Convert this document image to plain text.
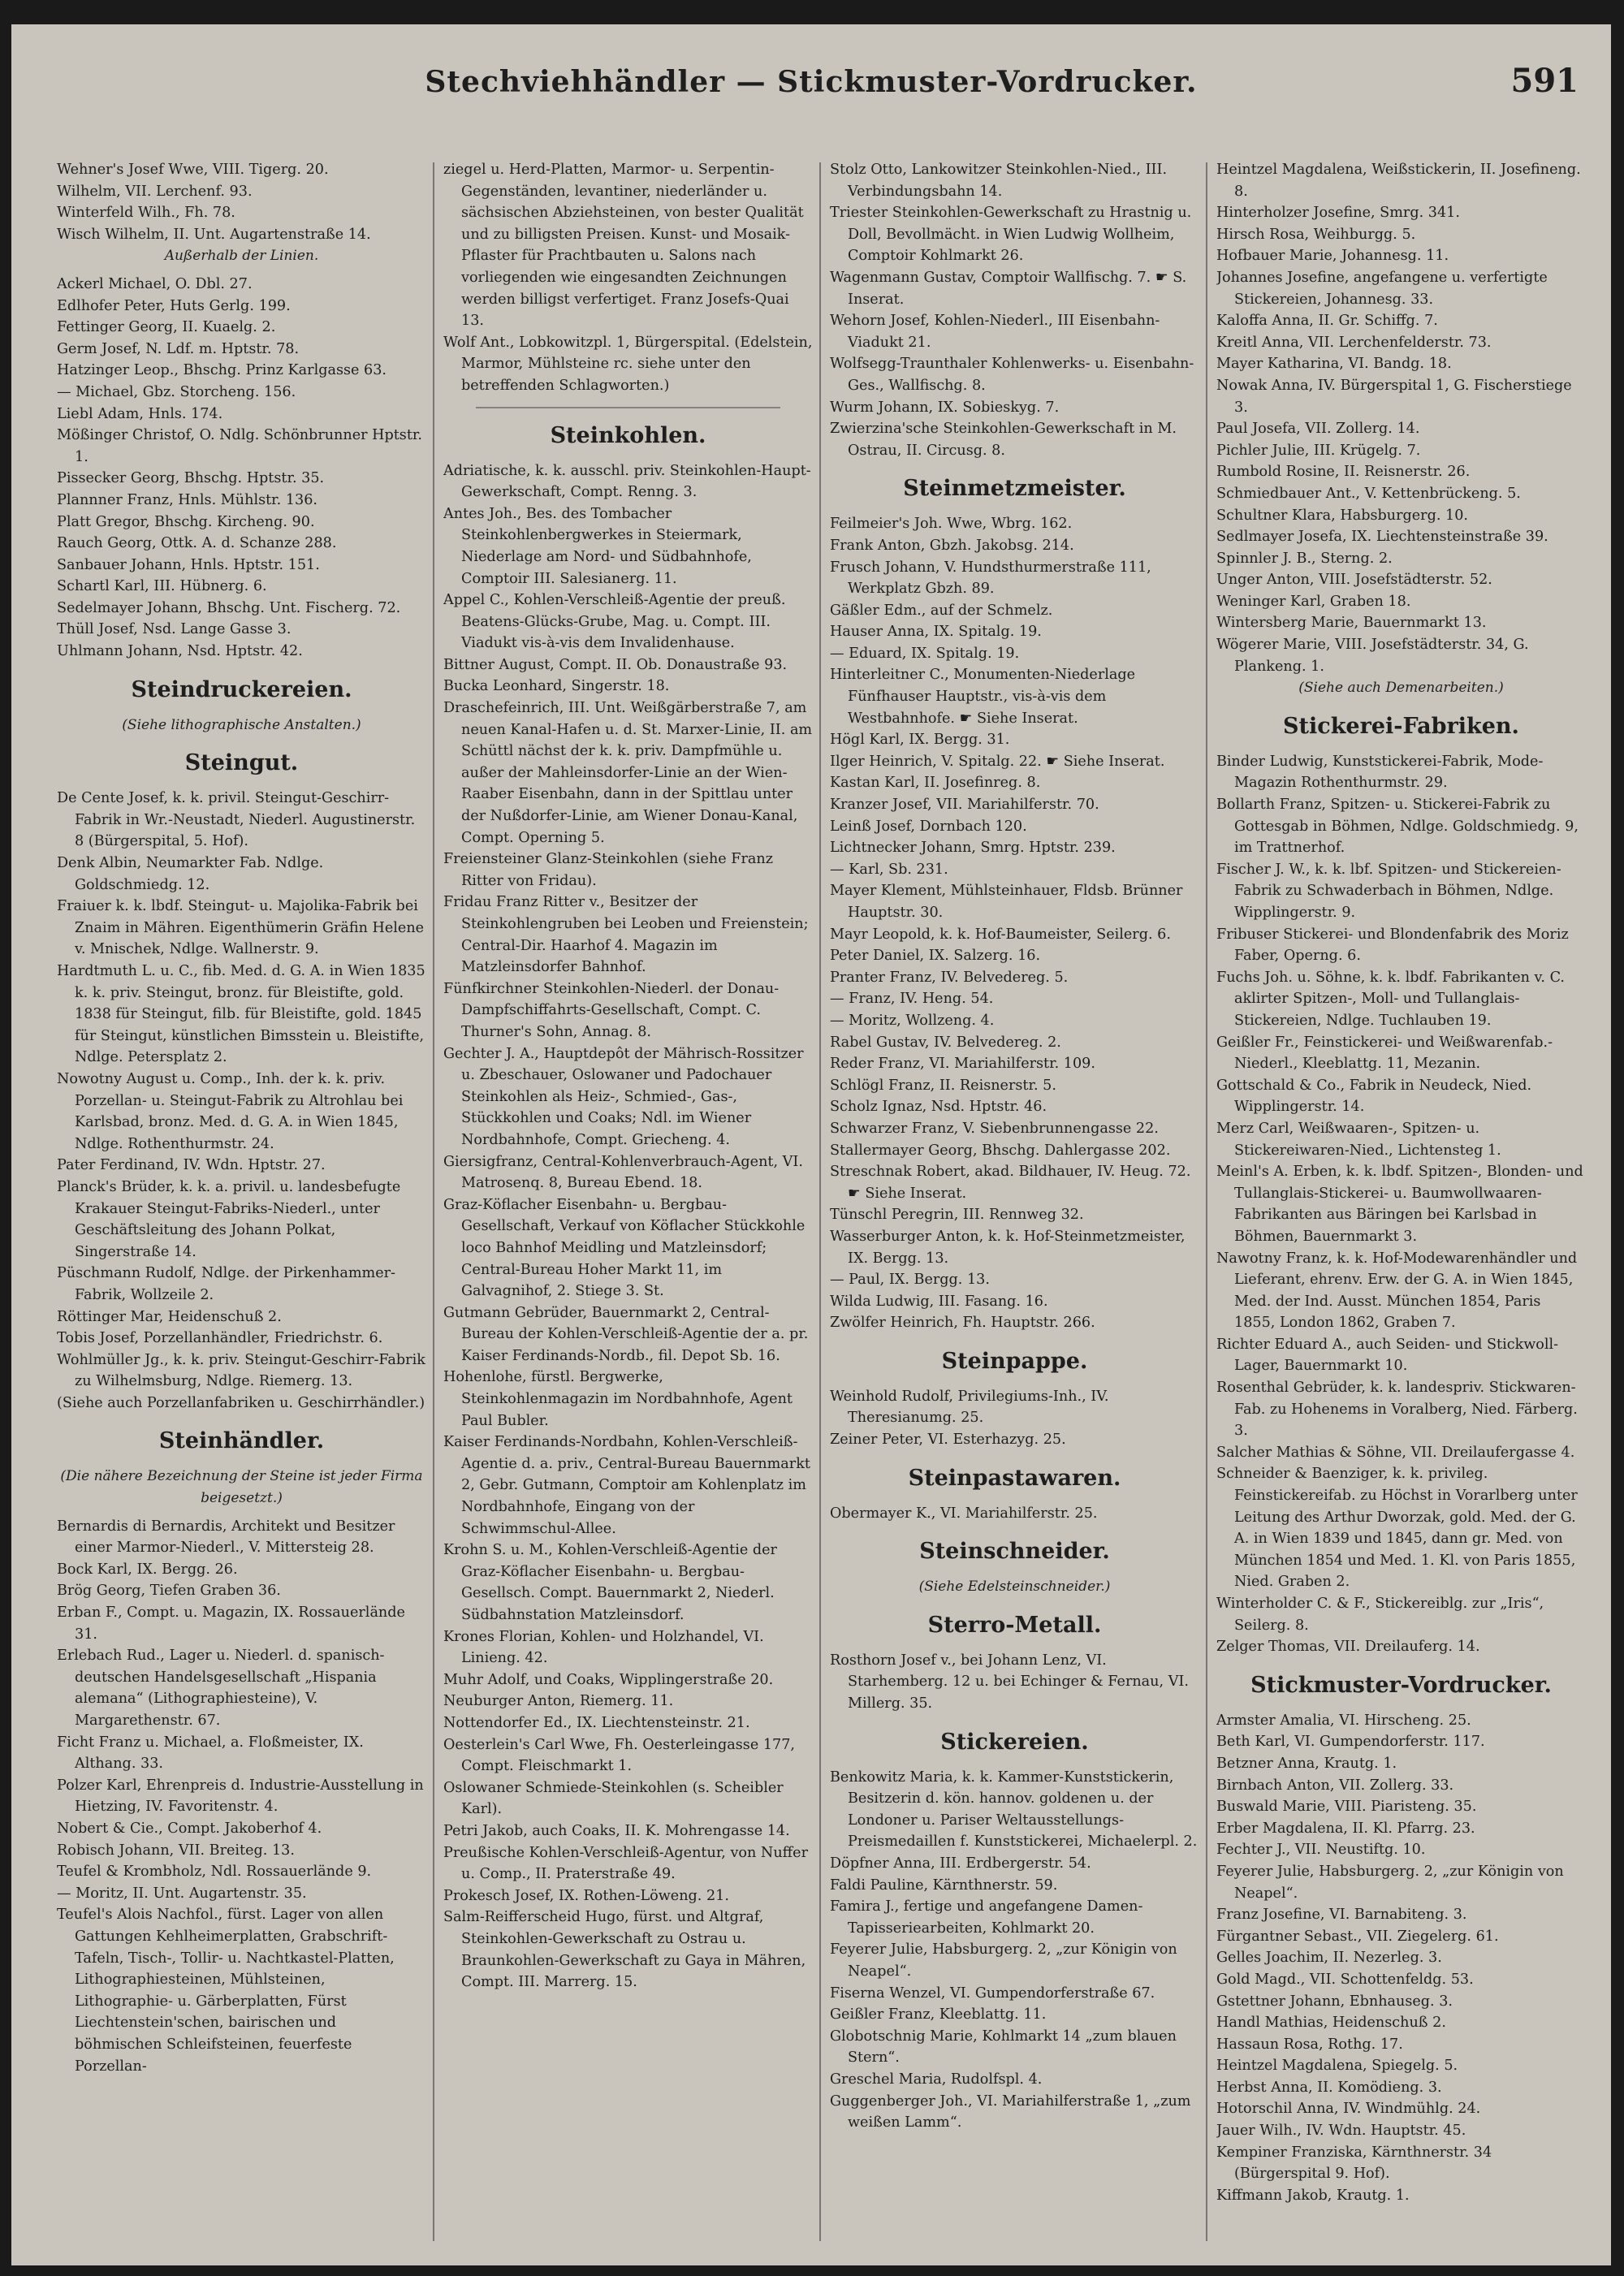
Stechviehhändler — Stickmuster-Vordrucker.	591
Wehner's Josef Wwe, VIII. Tigerg. 20.
Wilhelm, VII. Lerchenf. 93.
Winterfeld Wilh., Fh. 78.
Wisch Wilhelm, II. Unt. Augartenstraße 14.
Außerhalb der Linien.
Ackerl Michael, O. Dbl. 27.
Edlhofer Peter, Huts Gerlg. 199.
Fettinger Georg, II. Kuaelg. 2.
Germ Josef, N. Ldf. m. Hptstr. 78.
Hatzinger Leop., Bhschg. Prinz Karlgasse 63.
— Michael, Gbz. Storcheng. 156.
Liebl Adam, Hnls. 174.
Mößinger Christof, O. Ndlg. Schönbrunner Hptstr. 1.
Pissecker Georg, Bhschg. Hptstr. 35.
Plannner Franz, Hnls. Mühlstr. 136.
Platt Gregor, Bhschg. Kircheng. 90.
Rauch Georg, Ottk. A. d. Schanze 288.
Sanbauer Johann, Hnls. Hptstr. 151.
Schartl Karl, III. Hübnerg. 6.
Sedelmayer Johann, Bhschg. Unt. Fischerg. 72.
Thüll Josef, Nsd. Lange Gasse 3.
Uhlmann Johann, Nsd. Hptstr. 42.
Steindruckereien.
(Siehe lithographische Anstalten.)
Steingut.
De Cente Josef, k. k. privil. Steingut-Geschirr-Fabrik in Wr.-Neustadt, Niederl. Augustinerstr. 8 (Bürgerspital, 5. Hof).
Denk Albin, Neumarkter Fab. Ndlge. Goldschmiedg. 12.
Fraiuer k. k. lbdf. Steingut- u. Majolika-Fabrik bei Znaim in Mähren. Eigenthümerin Gräfin Helene v. Mnischek, Ndlge. Wallnerstr. 9.
Hardtmuth L. u. C., fib. Med. d. G. A. in Wien 1835 k. k. priv. Steingut, bronz. für Bleistifte, gold. 1838 für Steingut, filb. für Bleistifte, gold. 1845 für Steingut, künstlichen Bimsstein u. Bleistifte, Ndlge. Petersplatz 2.
Nowotny August u. Comp., Inh. der k. k. priv. Porzellan- u. Steingut-Fabrik zu Altrohlau bei Karlsbad, bronz. Med. d. G. A. in Wien 1845, Ndlge. Rothenthurmstr. 24.
Pater Ferdinand, IV. Wdn. Hptstr. 27.
Planck's Brüder, k. k. a. privil. u. landesbefugte Krakauer Steingut-Fabriks-Niederl., unter Geschäftsleitung des Johann Polkat, Singerstraße 14.
Püschmann Rudolf, Ndlge. der Pirkenhammer-Fabrik, Wollzeile 2.
Röttinger Mar, Heidenschuß 2.
Tobis Josef, Porzellanhändler, Friedrichstr. 6.
Wohlmüller Jg., k. k. priv. Steingut-Geschirr-Fabrik zu Wilhelmsburg, Ndlge. Riemerg. 13.
(Siehe auch Porzellanfabriken u. Geschirrhändler.)
Steinhändler.
(Die nähere Bezeichnung der Steine ist jeder Firma beigesetzt.)
Bernardis di Bernardis, Architekt und Besitzer einer Marmor-Niederl., V. Mittersteig 28.
Bock Karl, IX. Bergg. 26.
Brög Georg, Tiefen Graben 36.
Erban F., Compt. u. Magazin, IX. Rossauerlände 31.
Erlebach Rud., Lager u. Niederl. d. spanisch-deutschen Handelsgesellschaft „Hispania alemana“ (Lithographiesteine), V. Margarethenstr. 67.
Ficht Franz u. Michael, a. Floßmeister, IX. Althang. 33.
Polzer Karl, Ehrenpreis d. Industrie-Ausstellung in Hietzing, IV. Favoritenstr. 4.
Nobert & Cie., Compt. Jakoberhof 4.
Robisch Johann, VII. Breiteg. 13.
Teufel & Krombholz, Ndl. Rossauerlände 9.
— Moritz, II. Unt. Augartenstr. 35.
Teufel's Alois Nachfol., fürst. Lager von allen Gattungen Kehlheimerplatten, Grabschrift-Tafeln, Tisch-, Tollir- u. Nachtkastel-Platten, Lithographiesteinen, Mühlsteinen, Lithographie- u. Gärberplatten, Fürst Liechtenstein'schen, bairischen und böhmischen Schleifsteinen, feuerfeste Porzellan-
ziegel u. Herd-Platten, Marmor- u. Serpentin-Gegenständen, levantiner, niederländer u. sächsischen Abziehsteinen, von bester Qualität und zu billigsten Preisen. Kunst- und Mosaik-Pflaster für Prachtbauten u. Salons nach vorliegenden wie eingesandten Zeichnungen werden billigst verfertiget. Franz Josefs-Quai 13.
Wolf Ant., Lobkowitzpl. 1, Bürgerspital. (Edelstein, Marmor, Mühlsteine rc. siehe unter den betreffenden Schlagworten.)
Steinkohlen.
Adriatische, k. k. ausschl. priv. Steinkohlen-Haupt-Gewerkschaft, Compt. Renng. 3.
Antes Joh., Bes. des Tombacher Steinkohlenbergwerkes in Steiermark, Niederlage am Nord- und Südbahnhofe, Comptoir III. Salesianerg. 11.
Appel C., Kohlen-Verschleiß-Agentie der preuß. Beatens-Glücks-Grube, Mag. u. Compt. III. Viadukt vis-à-vis dem Invalidenhause.
Bittner August, Compt. II. Ob. Donaustraße 93.
Bucka Leonhard, Singerstr. 18.
Draschefeinrich, III. Unt. Weißgärberstraße 7, am neuen Kanal-Hafen u. d. St. Marxer-Linie, II. am Schüttl nächst der k. k. priv. Dampfmühle u. außer der Mahleinsdorfer-Linie an der Wien-Raaber Eisenbahn, dann in der Spittlau unter der Nußdorfer-Linie, am Wiener Donau-Kanal, Compt. Operning 5.
Freiensteiner Glanz-Steinkohlen (siehe Franz Ritter von Fridau).
Fridau Franz Ritter v., Besitzer der Steinkohlengruben bei Leoben und Freienstein; Central-Dir. Haarhof 4. Magazin im Matzleinsdorfer Bahnhof.
Fünfkirchner Steinkohlen-Niederl. der Donau-Dampfschiffahrts-Gesellschaft, Compt. C. Thurner's Sohn, Annag. 8.
Gechter J. A., Hauptdepôt der Mährisch-Rossitzer u. Zbeschauer, Oslowaner und Padochauer Steinkohlen als Heiz-, Schmied-, Gas-, Stückkohlen und Coaks; Ndl. im Wiener Nordbahnhofe, Compt. Griecheng. 4.
Giersigfranz, Central-Kohlenverbrauch-Agent, VI. Matrosenq. 8, Bureau Ebend. 18.
Graz-Köflacher Eisenbahn- u. Bergbau-Gesellschaft, Verkauf von Köflacher Stückkohle loco Bahnhof Meidling und Matzleinsdorf; Central-Bureau Hoher Markt 11, im Galvagnihof, 2. Stiege 3. St.
Gutmann Gebrüder, Bauernmarkt 2, Central-Bureau der Kohlen-Verschleiß-Agentie der a. pr. Kaiser Ferdinands-Nordb., fil. Depot Sb. 16.
Hohenlohe, fürstl. Bergwerke, Steinkohlenmagazin im Nordbahnhofe, Agent Paul Bubler.
Kaiser Ferdinands-Nordbahn, Kohlen-Verschleiß-Agentie d. a. priv., Central-Bureau Bauernmarkt 2, Gebr. Gutmann, Comptoir am Kohlenplatz im Nordbahnhofe, Eingang von der Schwimmschul-Allee.
Krohn S. u. M., Kohlen-Verschleiß-Agentie der Graz-Köflacher Eisenbahn- u. Bergbau-Gesellsch. Compt. Bauernmarkt 2, Niederl. Südbahnstation Matzleinsdorf.
Krones Florian, Kohlen- und Holzhandel, VI. Linieng. 42.
Muhr Adolf, und Coaks, Wipplingerstraße 20.
Neuburger Anton, Riemerg. 11.
Nottendorfer Ed., IX. Liechtensteinstr. 21.
Oesterlein's Carl Wwe, Fh. Oesterleingasse 177, Compt. Fleischmarkt 1.
Oslowaner Schmiede-Steinkohlen (s. Scheibler Karl).
Petri Jakob, auch Coaks, II. K. Mohrengasse 14.
Preußische Kohlen-Verschleiß-Agentur, von Nuffer u. Comp., II. Praterstraße 49.
Prokesch Josef, IX. Rothen-Löweng. 21.
Salm-Reifferscheid Hugo, fürst. und Altgraf, Steinkohlen-Gewerkschaft zu Ostrau u. Braunkohlen-Gewerkschaft zu Gaya in Mähren, Compt. III. Marrerg. 15.
Stolz Otto, Lankowitzer Steinkohlen-Nied., III. Verbindungsbahn 14.
Triester Steinkohlen-Gewerkschaft zu Hrastnig u. Doll, Bevollmächt. in Wien Ludwig Wollheim, Comptoir Kohlmarkt 26.
Wagenmann Gustav, Comptoir Wallfischg. 7. ☛ S. Inserat.
Wehorn Josef, Kohlen-Niederl., III Eisenbahn-Viadukt 21.
Wolfsegg-Traunthaler Kohlenwerks- u. Eisenbahn-Ges., Wallfischg. 8.
Wurm Johann, IX. Sobieskyg. 7.
Zwierzina'sche Steinkohlen-Gewerkschaft in M. Ostrau, II. Circusg. 8.
Steinmetzmeister.
Feilmeier's Joh. Wwe, Wbrg. 162.
Frank Anton, Gbzh. Jakobsg. 214.
Frusch Johann, V. Hundsthurmerstraße 111, Werkplatz Gbzh. 89.
Gäßler Edm., auf der Schmelz.
Hauser Anna, IX. Spitalg. 19.
— Eduard, IX. Spitalg. 19.
Hinterleitner C., Monumenten-Niederlage Fünfhauser Hauptstr., vis-à-vis dem Westbahnhofe. ☛ Siehe Inserat.
Högl Karl, IX. Bergg. 31.
Ilger Heinrich, V. Spitalg. 22. ☛ Siehe Inserat.
Kastan Karl, II. Josefinreg. 8.
Kranzer Josef, VII. Mariahilferstr. 70.
Leinß Josef, Dornbach 120.
Lichtnecker Johann, Smrg. Hptstr. 239.
— Karl, Sb. 231.
Mayer Klement, Mühlsteinhauer, Fldsb. Brünner Hauptstr. 30.
Mayr Leopold, k. k. Hof-Baumeister, Seilerg. 6.
Peter Daniel, IX. Salzerg. 16.
Pranter Franz, IV. Belvedereg. 5.
— Franz, IV. Heng. 54.
— Moritz, Wollzeng. 4.
Rabel Gustav, IV. Belvedereg. 2.
Reder Franz, VI. Mariahilferstr. 109.
Schlögl Franz, II. Reisnerstr. 5.
Scholz Ignaz, Nsd. Hptstr. 46.
Schwarzer Franz, V. Siebenbrunnengasse 22.
Stallermayer Georg, Bhschg. Dahlergasse 202.
Streschnak Robert, akad. Bildhauer, IV. Heug. 72. ☛ Siehe Inserat.
Tünschl Peregrin, III. Rennweg 32.
Wasserburger Anton, k. k. Hof-Steinmetzmeister, IX. Bergg. 13.
— Paul, IX. Bergg. 13.
Wilda Ludwig, III. Fasang. 16.
Zwölfer Heinrich, Fh. Hauptstr. 266.
Steinpappe.
Weinhold Rudolf, Privilegiums-Inh., IV. Theresianumg. 25.
Zeiner Peter, VI. Esterhazyg. 25.
Steinpastawaren.
Obermayer K., VI. Mariahilferstr. 25.
Steinschneider.
(Siehe Edelsteinschneider.)
Sterro-Metall.
Rosthorn Josef v., bei Johann Lenz, VI. Starhemberg. 12 u. bei Echinger & Fernau, VI. Millerg. 35.
Stickereien.
Benkowitz Maria, k. k. Kammer-Kunststickerin, Besitzerin d. kön. hannov. goldenen u. der Londoner u. Pariser Weltausstellungs-Preismedaillen f. Kunststickerei, Michaelerpl. 2.
Döpfner Anna, III. Erdbergerstr. 54.
Faldi Pauline, Kärnthnerstr. 59.
Famira J., fertige und angefangene Damen-Tapisseriearbeiten, Kohlmarkt 20.
Feyerer Julie, Habsburgerg. 2, „zur Königin von Neapel“.
Fiserna Wenzel, VI. Gumpendorferstraße 67.
Geißler Franz, Kleeblattg. 11.
Globotschnig Marie, Kohlmarkt 14 „zum blauen Stern“.
Greschel Maria, Rudolfspl. 4.
Guggenberger Joh., VI. Mariahilferstraße 1, „zum weißen Lamm“.
Heintzel Magdalena, Weißstickerin, II. Josefineng. 8.
Hinterholzer Josefine, Smrg. 341.
Hirsch Rosa, Weihburgg. 5.
Hofbauer Marie, Johannesg. 11.
Johannes Josefine, angefangene u. verfertigte Stickereien, Johannesg. 33.
Kaloffa Anna, II. Gr. Schiffg. 7.
Kreitl Anna, VII. Lerchenfelderstr. 73.
Mayer Katharina, VI. Bandg. 18.
Nowak Anna, IV. Bürgerspital 1, G. Fischerstiege 3.
Paul Josefa, VII. Zollerg. 14.
Pichler Julie, III. Krügelg. 7.
Rumbold Rosine, II. Reisnerstr. 26.
Schmiedbauer Ant., V. Kettenbrückeng. 5.
Schultner Klara, Habsburgerg. 10.
Sedlmayer Josefa, IX. Liechtensteinstraße 39.
Spinnler J. B., Sterng. 2.
Unger Anton, VIII. Josefstädterstr. 52.
Weninger Karl, Graben 18.
Wintersberg Marie, Bauernmarkt 13.
Wögerer Marie, VIII. Josefstädterstr. 34, G. Plankeng. 1.
(Siehe auch Demenarbeiten.)
Stickerei-Fabriken.
Binder Ludwig, Kunststickerei-Fabrik, Mode-Magazin Rothenthurmstr. 29.
Bollarth Franz, Spitzen- u. Stickerei-Fabrik zu Gottesgab in Böhmen, Ndlge. Goldschmiedg. 9, im Trattnerhof.
Fischer J. W., k. k. lbf. Spitzen- und Stickereien-Fabrik zu Schwaderbach in Böhmen, Ndlge. Wipplingerstr. 9.
Fribuser Stickerei- und Blondenfabrik des Moriz Faber, Operng. 6.
Fuchs Joh. u. Söhne, k. k. lbdf. Fabrikanten v. C. aklirter Spitzen-, Moll- und Tullanglais-Stickereien, Ndlge. Tuchlauben 19.
Geißler Fr., Feinstickerei- und Weißwarenfab.-Niederl., Kleeblattg. 11, Mezanin.
Gottschald & Co., Fabrik in Neudeck, Nied. Wipplingerstr. 14.
Merz Carl, Weißwaaren-, Spitzen- u. Stickereiwaren-Nied., Lichtensteg 1.
Meinl's A. Erben, k. k. lbdf. Spitzen-, Blonden- und Tullanglais-Stickerei- u. Baumwollwaaren-Fabrikanten aus Bäringen bei Karlsbad in Böhmen, Bauernmarkt 3.
Nawotny Franz, k. k. Hof-Modewarenhändler und Lieferant, ehrenv. Erw. der G. A. in Wien 1845, Med. der Ind. Ausst. München 1854, Paris 1855, London 1862, Graben 7.
Richter Eduard A., auch Seiden- und Stickwoll-Lager, Bauernmarkt 10.
Rosenthal Gebrüder, k. k. landespriv. Stickwaren-Fab. zu Hohenems in Voralberg, Nied. Färberg. 3.
Salcher Mathias & Söhne, VII. Dreilaufergasse 4.
Schneider & Baenziger, k. k. privileg. Feinstickereifab. zu Höchst in Vorarlberg unter Leitung des Arthur Dworzak, gold. Med. der G. A. in Wien 1839 und 1845, dann gr. Med. von München 1854 und Med. 1. Kl. von Paris 1855, Nied. Graben 2.
Winterholder C. & F., Stickereiblg. zur „Iris“, Seilerg. 8.
Zelger Thomas, VII. Dreilauferg. 14.
Stickmuster-Vordrucker.
Armster Amalia, VI. Hirscheng. 25.
Beth Karl, VI. Gumpendorferstr. 117.
Betzner Anna, Krautg. 1.
Birnbach Anton, VII. Zollerg. 33.
Buswald Marie, VIII. Piaristeng. 35.
Erber Magdalena, II. Kl. Pfarrg. 23.
Fechter J., VII. Neustiftg. 10.
Feyerer Julie, Habsburgerg. 2, „zur Königin von Neapel“.
Franz Josefine, VI. Barnabiteng. 3.
Fürgantner Sebast., VII. Ziegelerg. 61.
Gelles Joachim, II. Nezerleg. 3.
Gold Magd., VII. Schottenfeldg. 53.
Gstettner Johann, Ebnhauseg. 3.
Handl Mathias, Heidenschuß 2.
Hassaun Rosa, Rothg. 17.
Heintzel Magdalena, Spiegelg. 5.
Herbst Anna, II. Komödieng. 3.
Hotorschil Anna, IV. Windmühlg. 24.
Jauer Wilh., IV. Wdn. Hauptstr. 45.
Kempiner Franziska, Kärnthnerstr. 34 (Bürgerspital 9. Hof).
Kiffmann Jakob, Krautg. 1.
